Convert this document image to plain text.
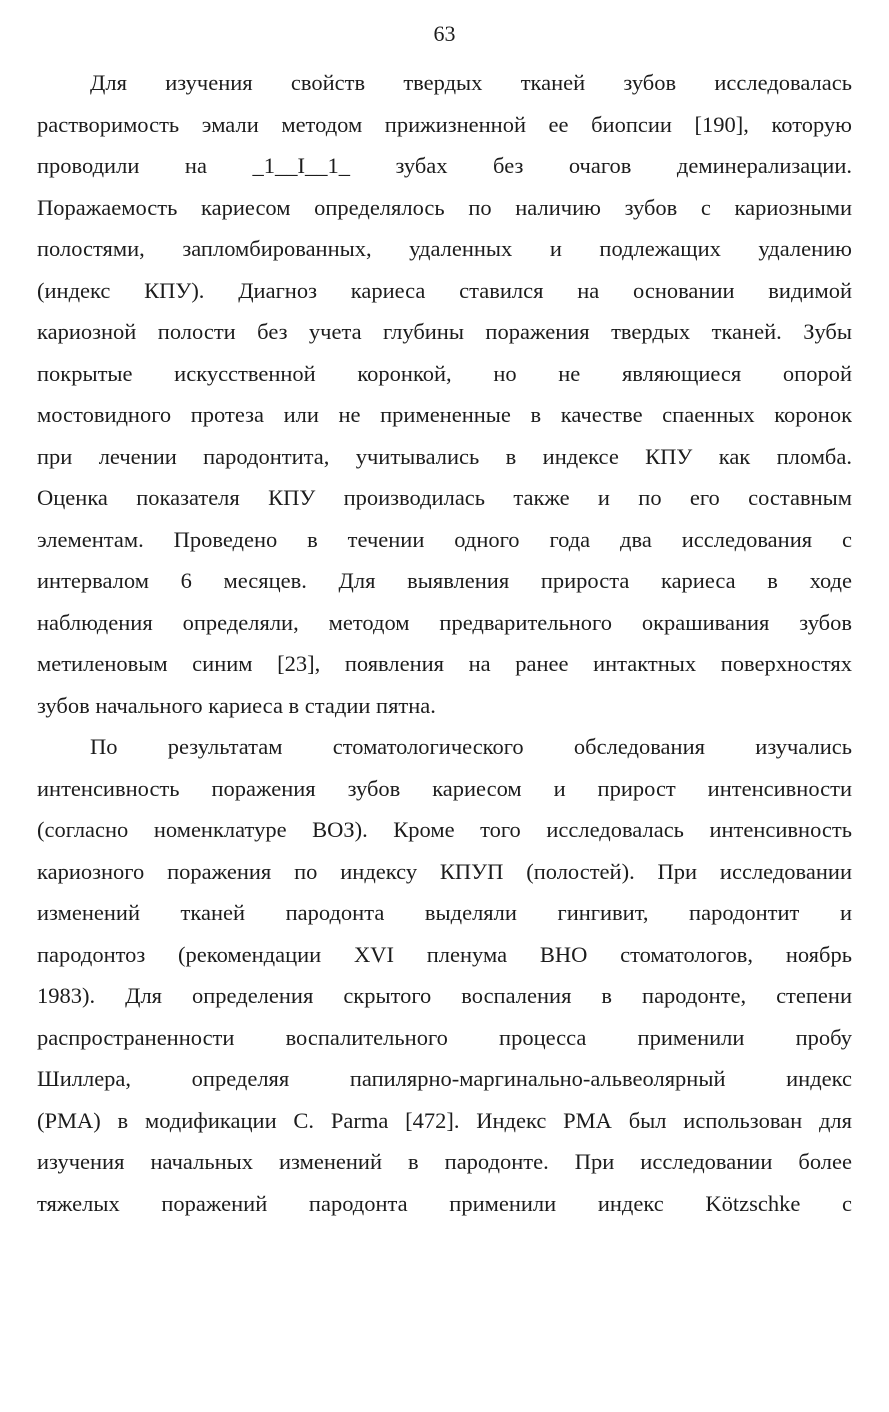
63
Для изучения свойств твердых тканей зубов исследовалась
растворимость эмали методом прижизненной ее биопсии [190], которую
проводили на _1__I__1_ зубах без очагов деминерализации.
Поражаемость кариесом определялось по наличию зубов с кариозными
полостями, запломбированных, удаленных и подлежащих удалению
(индекс КПУ). Диагноз кариеса ставился на основании видимой
кариозной полости без учета глубины поражения твердых тканей. Зубы
покрытые искусственной коронкой, но не являющиеся опорой
мостовидного протеза или не примененные в качестве спаенных коронок
при лечении пародонтита, учитывались в индексе КПУ как пломба.
Оценка показателя КПУ производилась также и по его составным
элементам. Проведено в течении одного года два исследования с
интервалом 6 месяцев. Для выявления прироста кариеса в ходе
наблюдения определяли, методом предварительного окрашивания зубов
метиленовым синим [23], появления на ранее интактных поверхностях
зубов начального кариеса в стадии пятна.
По результатам стоматологического обследования изучались
интенсивность поражения зубов кариесом и прирост интенсивности
(согласно номенклатуре ВОЗ). Кроме того исследовалась интенсивность
кариозного поражения по индексу КПУП (полостей). При исследовании
изменений тканей пародонта выделяли гингивит, пародонтит и
пародонтоз (рекомендации XVI пленума ВНО стоматологов, ноябрь
1983). Для определения скрытого воспаления в пародонте, степени
распространенности воспалительного процесса применили пробу
Шиллера, определяя папилярно-маргинально-альвеолярный индекс
(РМА) в модификации С. Parma [472]. Индекс РМА был использован для
изучения начальных изменений в пародонте. При исследовании более
тяжелых поражений пародонта применили индекс Kötzschke с
